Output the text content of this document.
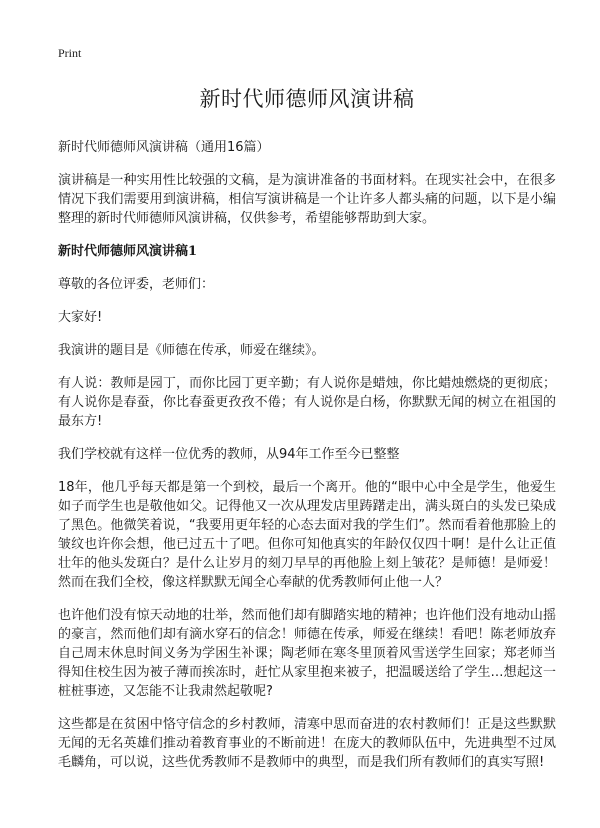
Print
新时代师德师风演讲稿

新时代师德师风演讲稿（通用16篇）

演讲稿是一种实用性比较强的文稿，是为演讲准备的书面材料。在现实社会中，在很多情况下我们需要用到演讲稿，相信写演讲稿是一个让许多人都头痛的问题，以下是小编整理的新时代师德师风演讲稿，仅供参考，希望能够帮助到大家。

新时代师德师风演讲稿1

尊敬的各位评委，老师们：

大家好!

我演讲的题目是《师德在传承，师爱在继续》。

有人说：教师是园丁，而你比园丁更辛勤；有人说你是蜡烛，你比蜡烛燃烧的更彻底；有人说你是春蚕，你比春蚕更孜孜不倦；有人说你是白杨，你默默无闻的树立在祖国的最东方!

我们学校就有这样一位优秀的教师，从94年工作至今已整整

18年，他几乎每天都是第一个到校，最后一个离开。他的“眼中心中全是学生，他爱生如子而学生也是敬他如父。记得他又一次从理发店里踌躇走出，满头斑白的头发已染成了黑色。他微笑着说，“我要用更年轻的心态去面对我的学生们”。然而看着他那脸上的皱纹也许你会想，他已过五十了吧。但你可知他真实的年龄仅仅四十啊！是什么让正值壮年的他头发斑白？是什么让岁月的刻刀早早的再他脸上刻上皱花？是师德！是师爱！然而在我们全校，像这样默默无闻全心奉献的优秀教师何止他一人？

也许他们没有惊天动地的壮举，然而他们却有脚踏实地的精神；也许他们没有地动山摇的豪言，然而他们却有滴水穿石的信念！师德在传承，师爱在继续！看吧！陈老师放弃自己周末休息时间义务为学困生补课；陶老师在寒冬里顶着风雪送学生回家；郑老师当得知住校生因为被子薄而挨冻时，赶忙从家里抱来被子，把温暖送给了学生…想起这一桩桩事迹，又怎能不让我肃然起敬呢?

这些都是在贫困中恪守信念的乡村教师，清寒中思而奋进的农村教师们！正是这些默默无闻的无名英雄们推动着教育事业的不断前进！在庞大的教师队伍中，先进典型不过凤毛麟角，可以说，这些优秀教师不是教师中的典型，而是我们所有教师们的真实写照!
